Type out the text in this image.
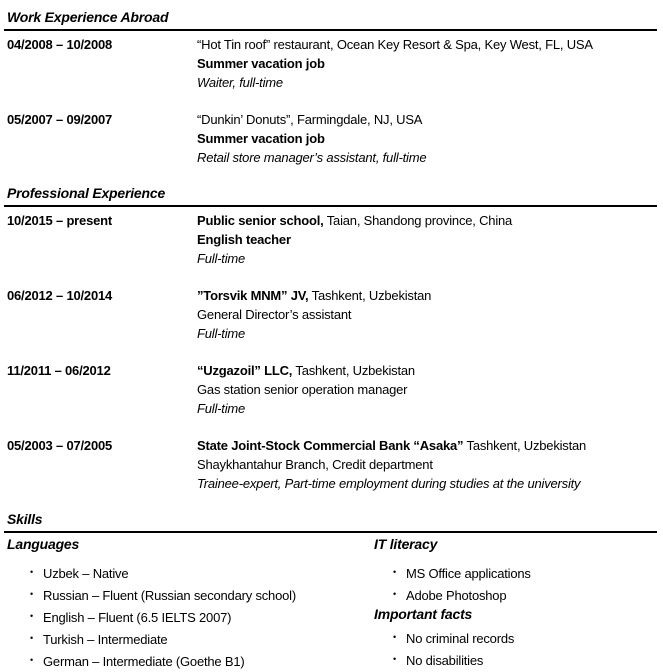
Work Experience Abroad
04/2008 – 10/2008	“Hot Tin roof” restaurant, Ocean Key Resort & Spa, Key West, FL, USA
Summer vacation job
Waiter, full-time
05/2007 – 09/2007	“Dunkin’ Donuts”, Farmingdale, NJ, USA
Summer vacation job
Retail store manager’s assistant, full-time
Professional Experience
10/2015 – present	Public senior school, Taian, Shandong province, China
English teacher
Full-time
06/2012 – 10/2014	”Torsvik MNM” JV, Tashkent, Uzbekistan
General Director’s assistant
Full-time
11/2011 – 06/2012	“Uzgazoil” LLC, Tashkent, Uzbekistan
Gas station senior operation manager
Full-time
05/2003 – 07/2005	State Joint-Stock Commercial Bank “Asaka” Tashkent, Uzbekistan
Shaykhantahur Branch, Credit department
Trainee-expert, Part-time employment during studies at the university
Skills
Languages
• Uzbek – Native
• Russian – Fluent (Russian secondary school)
• English – Fluent (6.5 IELTS 2007)
• Turkish – Intermediate
• German – Intermediate (Goethe B1)
IT literacy
• MS Office applications
• Adobe Photoshop
Important facts
• No criminal records
• No disabilities
